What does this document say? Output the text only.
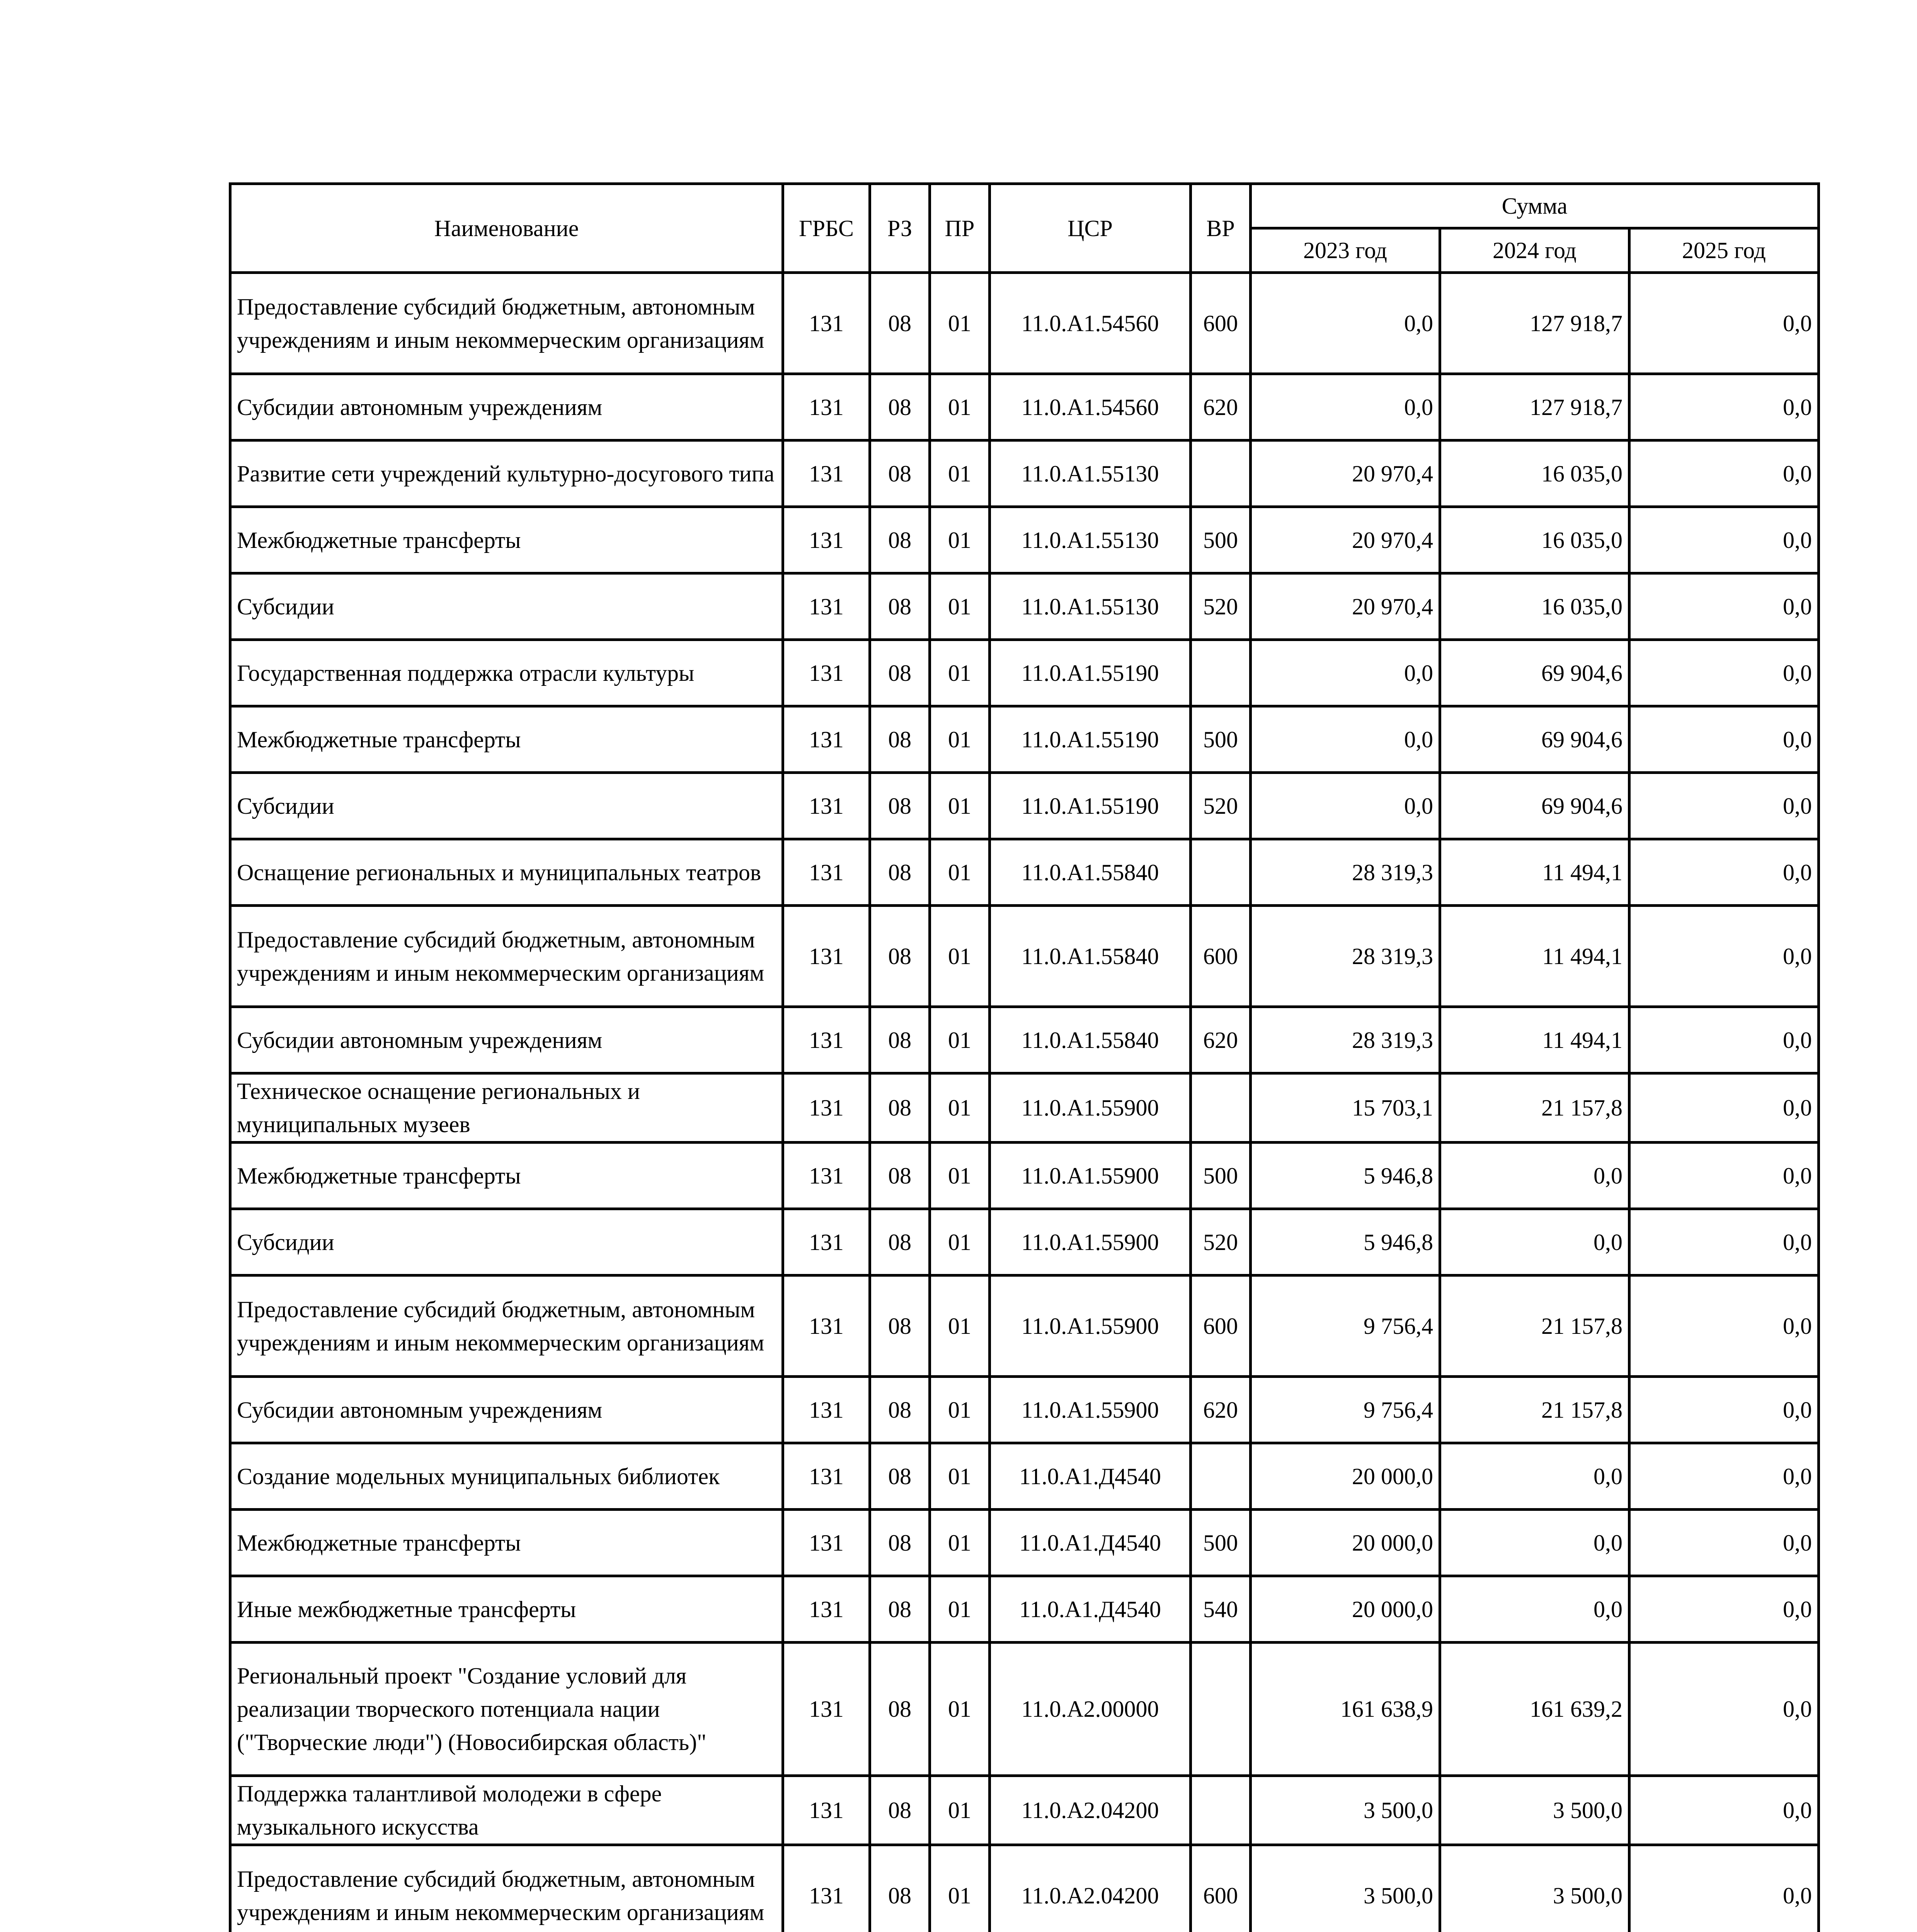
Наименование	ГРБС	РЗ	ПР	ЦСР	ВР	Сумма		
						2023 год	2024 год	2025 год
Предоставление субсидий бюджетным, автономным учреждениям и иным некоммерческим организациям	131	08	01	11.0.А1.54560	600	0,0	127 918,7	0,0
Субсидии автономным учреждениям	131	08	01	11.0.А1.54560	620	0,0	127 918,7	0,0
Развитие сети учреждений культурно-досугового типа	131	08	01	11.0.А1.55130		20 970,4	16 035,0	0,0
Межбюджетные трансферты	131	08	01	11.0.А1.55130	500	20 970,4	16 035,0	0,0
Субсидии	131	08	01	11.0.А1.55130	520	20 970,4	16 035,0	0,0
Государственная поддержка отрасли культуры	131	08	01	11.0.А1.55190		0,0	69 904,6	0,0
Межбюджетные трансферты	131	08	01	11.0.А1.55190	500	0,0	69 904,6	0,0
Субсидии	131	08	01	11.0.А1.55190	520	0,0	69 904,6	0,0
Оснащение региональных и муниципальных театров	131	08	01	11.0.А1.55840		28 319,3	11 494,1	0,0
Предоставление субсидий бюджетным, автономным учреждениям и иным некоммерческим организациям	131	08	01	11.0.А1.55840	600	28 319,3	11 494,1	0,0
Субсидии автономным учреждениям	131	08	01	11.0.А1.55840	620	28 319,3	11 494,1	0,0
Техническое оснащение региональных и муниципальных музеев	131	08	01	11.0.А1.55900		15 703,1	21 157,8	0,0
Межбюджетные трансферты	131	08	01	11.0.А1.55900	500	5 946,8	0,0	0,0
Субсидии	131	08	01	11.0.А1.55900	520	5 946,8	0,0	0,0
Предоставление субсидий бюджетным, автономным учреждениям и иным некоммерческим организациям	131	08	01	11.0.А1.55900	600	9 756,4	21 157,8	0,0
Субсидии автономным учреждениям	131	08	01	11.0.А1.55900	620	9 756,4	21 157,8	0,0
Создание модельных муниципальных библиотек	131	08	01	11.0.А1.Д4540		20 000,0	0,0	0,0
Межбюджетные трансферты	131	08	01	11.0.А1.Д4540	500	20 000,0	0,0	0,0
Иные межбюджетные трансферты	131	08	01	11.0.А1.Д4540	540	20 000,0	0,0	0,0
Региональный проект "Создание условий для реализации творческого потенциала нации ("Творческие люди") (Новосибирская область)"	131	08	01	11.0.А2.00000		161 638,9	161 639,2	0,0
Поддержка талантливой молодежи в сфере музыкального искусства	131	08	01	11.0.А2.04200		3 500,0	3 500,0	0,0
Предоставление субсидий бюджетным, автономным учреждениям и иным некоммерческим организациям	131	08	01	11.0.А2.04200	600	3 500,0	3 500,0	0,0
